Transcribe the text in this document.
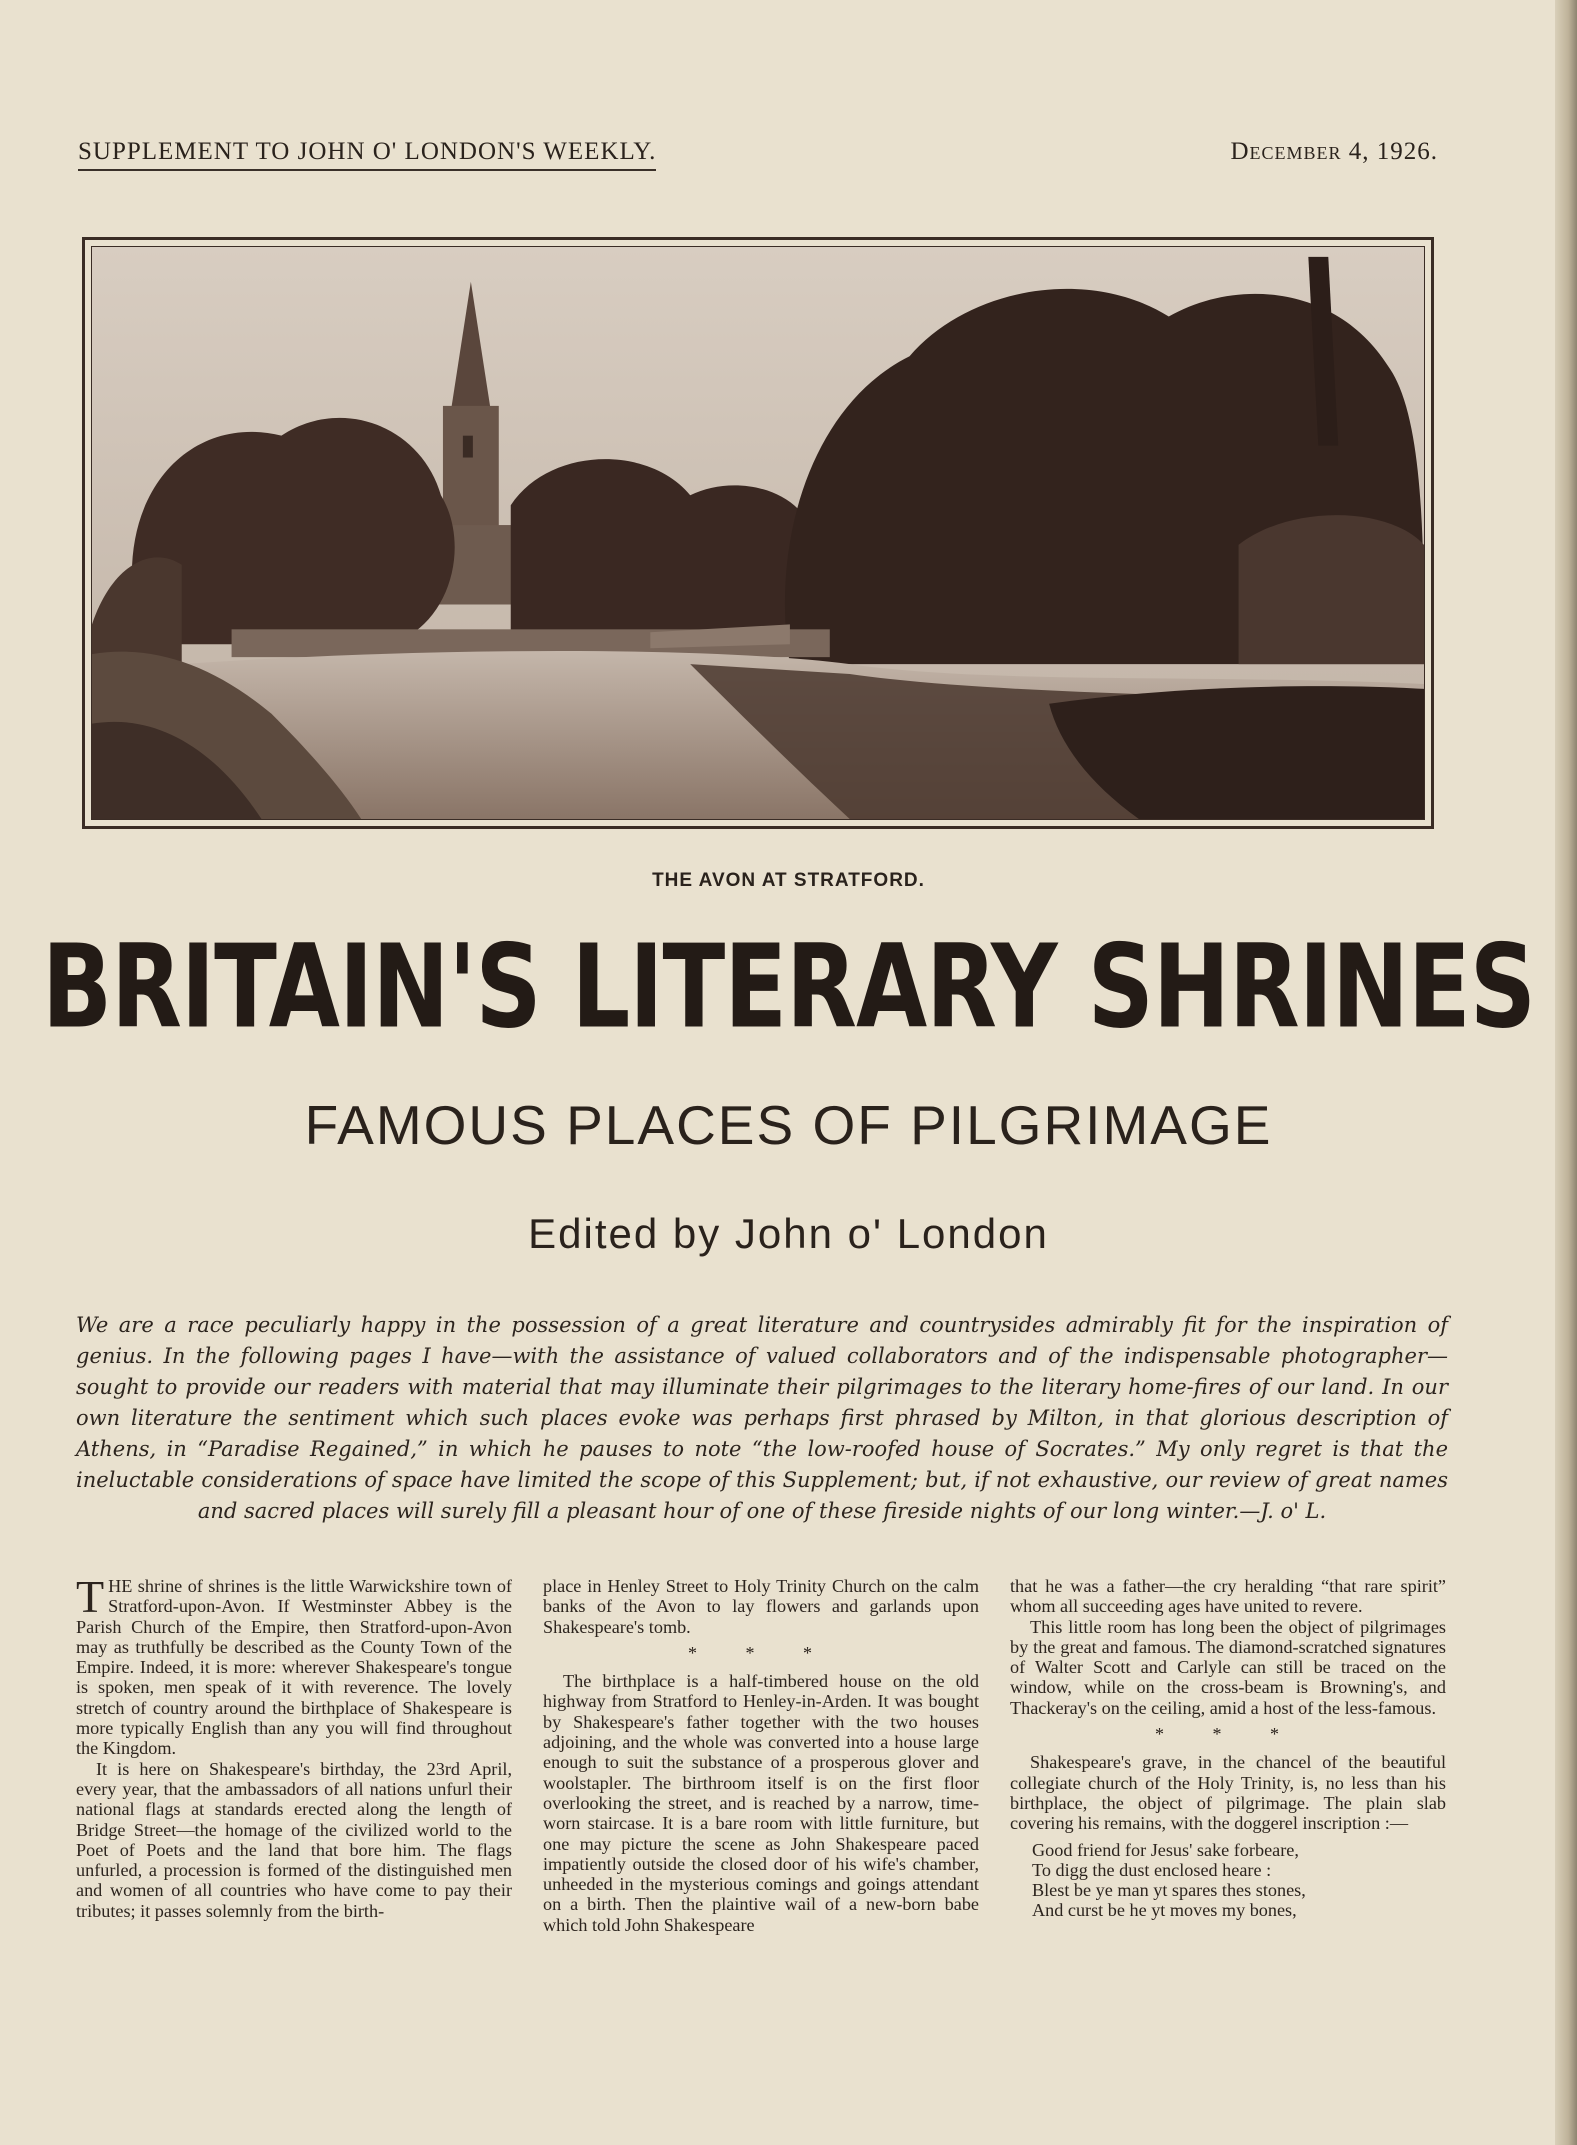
SUPPLEMENT TO JOHN O' LONDON'S WEEKLY.	December 4, 1926.
THE AVON AT STRATFORD.
BRITAIN'S LITERARY SHRINES
FAMOUS PLACES OF PILGRIMAGE
Edited by John o' London
We are a race peculiarly happy in the possession of a great literature and countrysides admirably fit for the inspiration of genius. In the following pages I have—with the assistance of valued collaborators and of the indispensable photographer—sought to provide our readers with material that may illuminate their pilgrimages to the literary home-fires of our land. In our own literature the sentiment which such places evoke was perhaps first phrased by Milton, in that glorious description of Athens, in “Paradise Regained,” in which he pauses to note “the low-roofed house of Socrates.” My only regret is that the ineluctable considerations of space have limited the scope of this Supplement; but, if not exhaustive, our review of great names and sacred places will surely fill a pleasant hour of one of these fireside nights of our long winter.—J. o' L.

THE shrine of shrines is the little Warwickshire town of Stratford-upon-Avon. If Westminster Abbey is the Parish Church of the Empire, then Stratford-upon-Avon may as truthfully be described as the County Town of the Empire. Indeed, it is more: wherever Shakespeare's tongue is spoken, men speak of it with reverence. The lovely stretch of country around the birthplace of Shakespeare is more typically English than any you will find throughout the Kingdom.

It is here on Shakespeare's birthday, the 23rd April, every year, that the ambassadors of all nations unfurl their national flags at standards erected along the length of Bridge Street—the homage of the civilized world to the Poet of Poets and the land that bore him. The flags unfurled, a procession is formed of the distinguished men and women of all countries who have come to pay their tributes; it passes solemnly from the birth-

place in Henley Street to Holy Trinity Church on the calm banks of the Avon to lay flowers and garlands upon Shakespeare's tomb.

* * *

The birthplace is a half-timbered house on the old highway from Stratford to Henley-in-Arden. It was bought by Shakespeare's father together with the two houses adjoining, and the whole was converted into a house large enough to suit the substance of a prosperous glover and woolstapler. The birthroom itself is on the first floor overlooking the street, and is reached by a narrow, time-worn staircase. It is a bare room with little furniture, but one may picture the scene as John Shakespeare paced impatiently outside the closed door of his wife's chamber, unheeded in the mysterious comings and goings attendant on a birth. Then the plaintive wail of a new-born babe which told John Shakespeare

that he was a father—the cry heralding “that rare spirit” whom all succeeding ages have united to revere.

This little room has long been the object of pilgrimages by the great and famous. The diamond-scratched signatures of Walter Scott and Carlyle can still be traced on the window, while on the cross-beam is Browning's, and Thackeray's on the ceiling, amid a host of the less-famous.

* * *

Shakespeare's grave, in the chancel of the beautiful collegiate church of the Holy Trinity, is, no less than his birthplace, the object of pilgrimage. The plain slab covering his remains, with the doggerel inscription :—

Good friend for Jesus' sake forbeare,
To digg the dust enclosed heare :
Blest be ye man yt spares thes stones,
And curst be he yt moves my bones,
